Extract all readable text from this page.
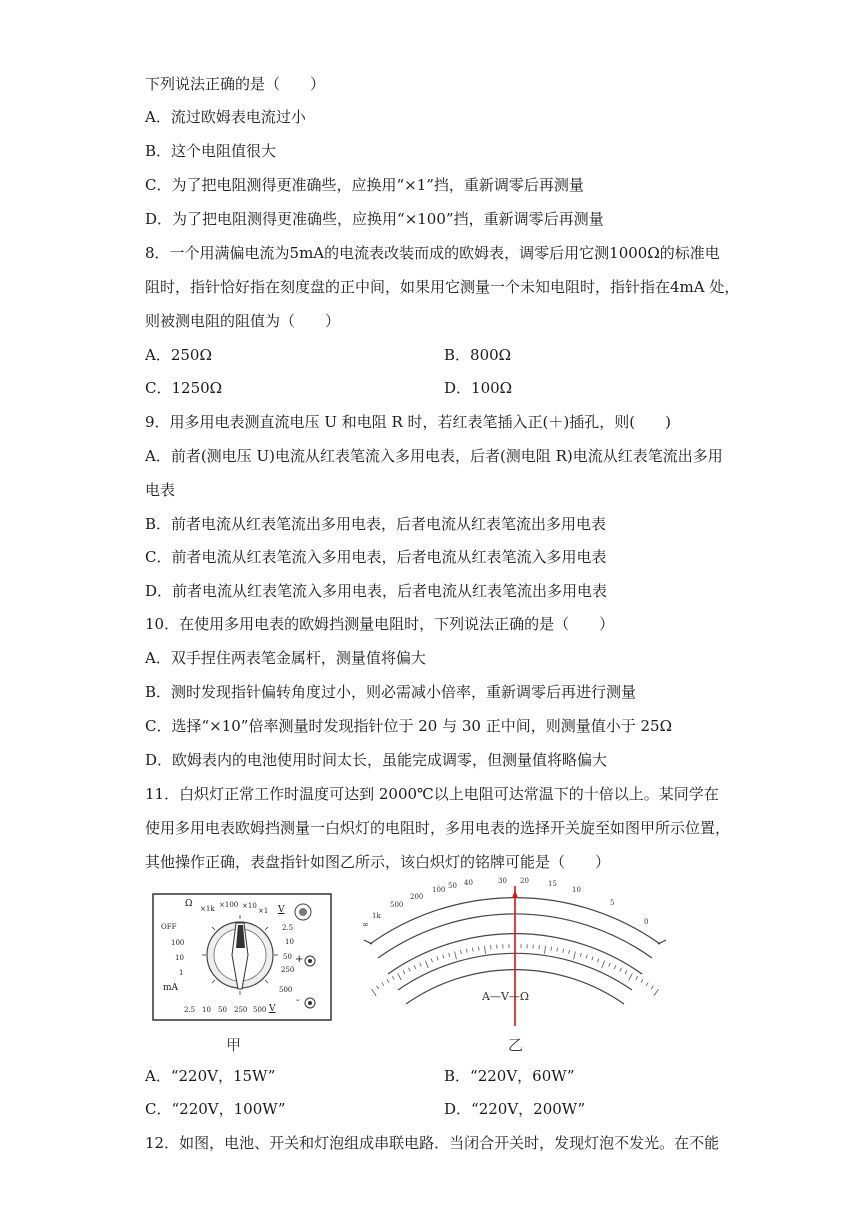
下列说法正确的是（　　）
A．流过欧姆表电流过小
B．这个电阻值很大
C．为了把电阻测得更准确些，应换用“×1”挡，重新调零后再测量
D．为了把电阻测得更准确些，应换用“×100”挡，重新调零后再测量
8．一个用满偏电流为5mA的电流表改装而成的欧姆表，调零后用它测1000Ω的标准电
阻时，指针恰好指在刻度盘的正中间，如果用它测量一个未知电阻时，指针指在4mA 处，
则被测电阻的阻值为（　　）
A．250Ω	B．800Ω
C．1250Ω	D．100Ω
9．用多用电表测直流电压 U 和电阻 R 时，若红表笔插入正(＋)插孔，则(　　)
A．前者(测电压 U)电流从红表笔流入多用电表，后者(测电阻 R)电流从红表笔流出多用
电表
B．前者电流从红表笔流出多用电表，后者电流从红表笔流出多用电表
C．前者电流从红表笔流入多用电表，后者电流从红表笔流入多用电表
D．前者电流从红表笔流入多用电表，后者电流从红表笔流出多用电表
10．在使用多用电表的欧姆挡测量电阻时，下列说法正确的是（　　）
A．双手捏住两表笔金属杆，测量值将偏大
B．测时发现指针偏转角度过小，则必需减小倍率，重新调零后再进行测量
C．选择“×10”倍率测量时发现指针位于 20 与 30 正中间，则测量值小于 25Ω
D．欧姆表内的电池使用时间太长，虽能完成调零，但测量值将略偏大
11．白炽灯正常工作时温度可达到 2000℃以上电阻可达常温下的十倍以上。某同学在
使用多用电表欧姆挡测量一白炽灯的电阻时，多用电表的选择开关旋至如图甲所示位置，
其他操作正确，表盘指针如图乙所示，该白炽灯的铭牌可能是（　　）
Ω ×1k ×100 ×10
×1 V
OFF
100
10
1
mA
2.5 10 50 250 500 V
2.5
10
50
250
500
+
-
甲
∞
1k
500
200
100 50 40	30 20	15
10
5
0
A—V—Ω
乙
A．“220V，15W”	B．“220V，60W”
C．“220V，100W”	D．“220V，200W”
12．如图，电池、开关和灯泡组成串联电路．当闭合开关时，发现灯泡不发光。在不能
